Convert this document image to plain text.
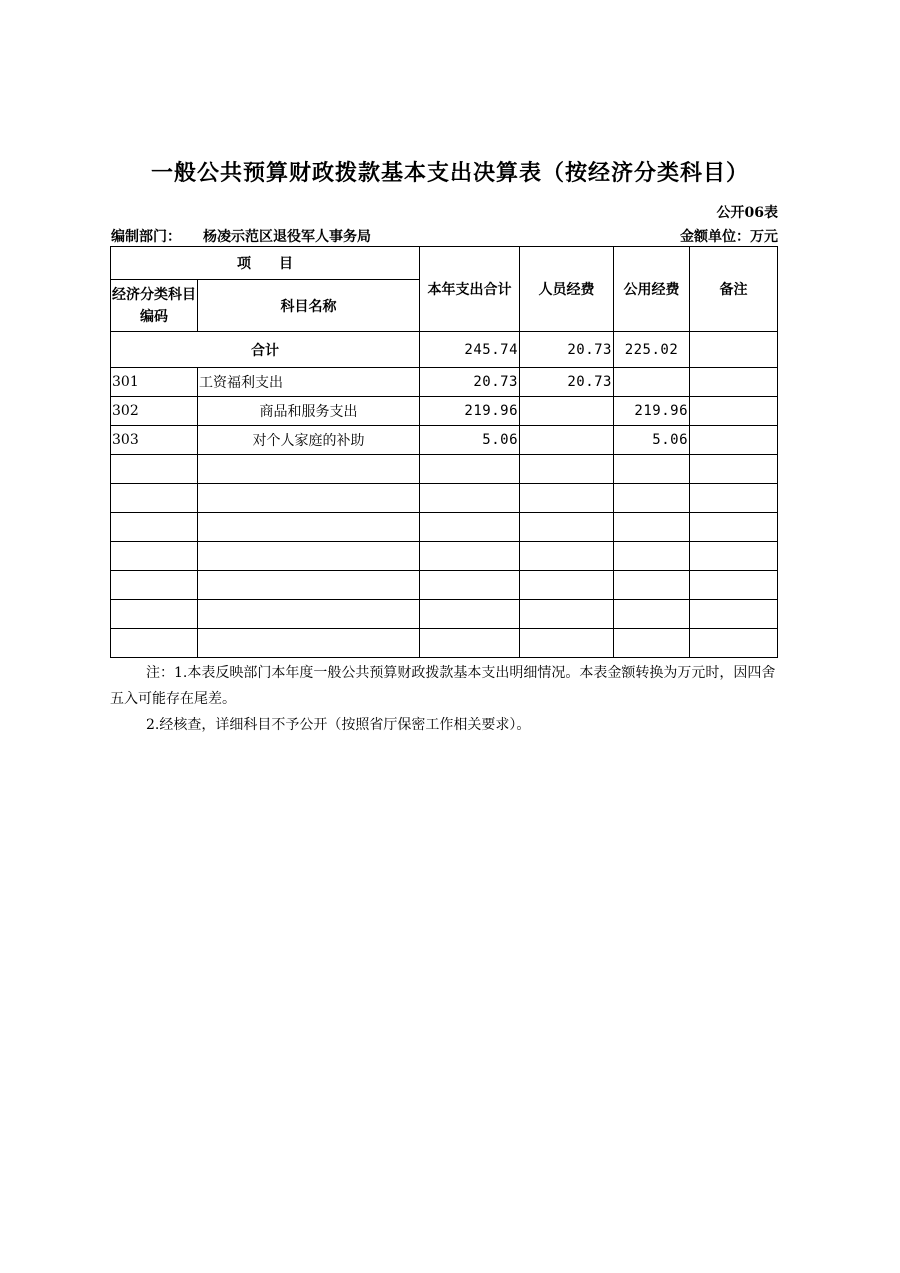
一般公共预算财政拨款基本支出决算表（按经济分类科目）
公开06表
编制部门： 杨凌示范区退役军人事务局	金额单位：万元
项　　目		本年支出合计	人员经费	公用经费	备注
经济分类科目编码	科目名称				
合计		245.74	20.73	225.02	
301	工资福利支出	20.73	20.73		
302	商品和服务支出	219.96		219.96	
303	对个人家庭的补助	5.06		5.06	

注：1.本表反映部门本年度一般公共预算财政拨款基本支出明细情况。本表金额转换为万元时，因四舍五入可能存在尾差。

2.经核查，详细科目不予公开（按照省厅保密工作相关要求）。
